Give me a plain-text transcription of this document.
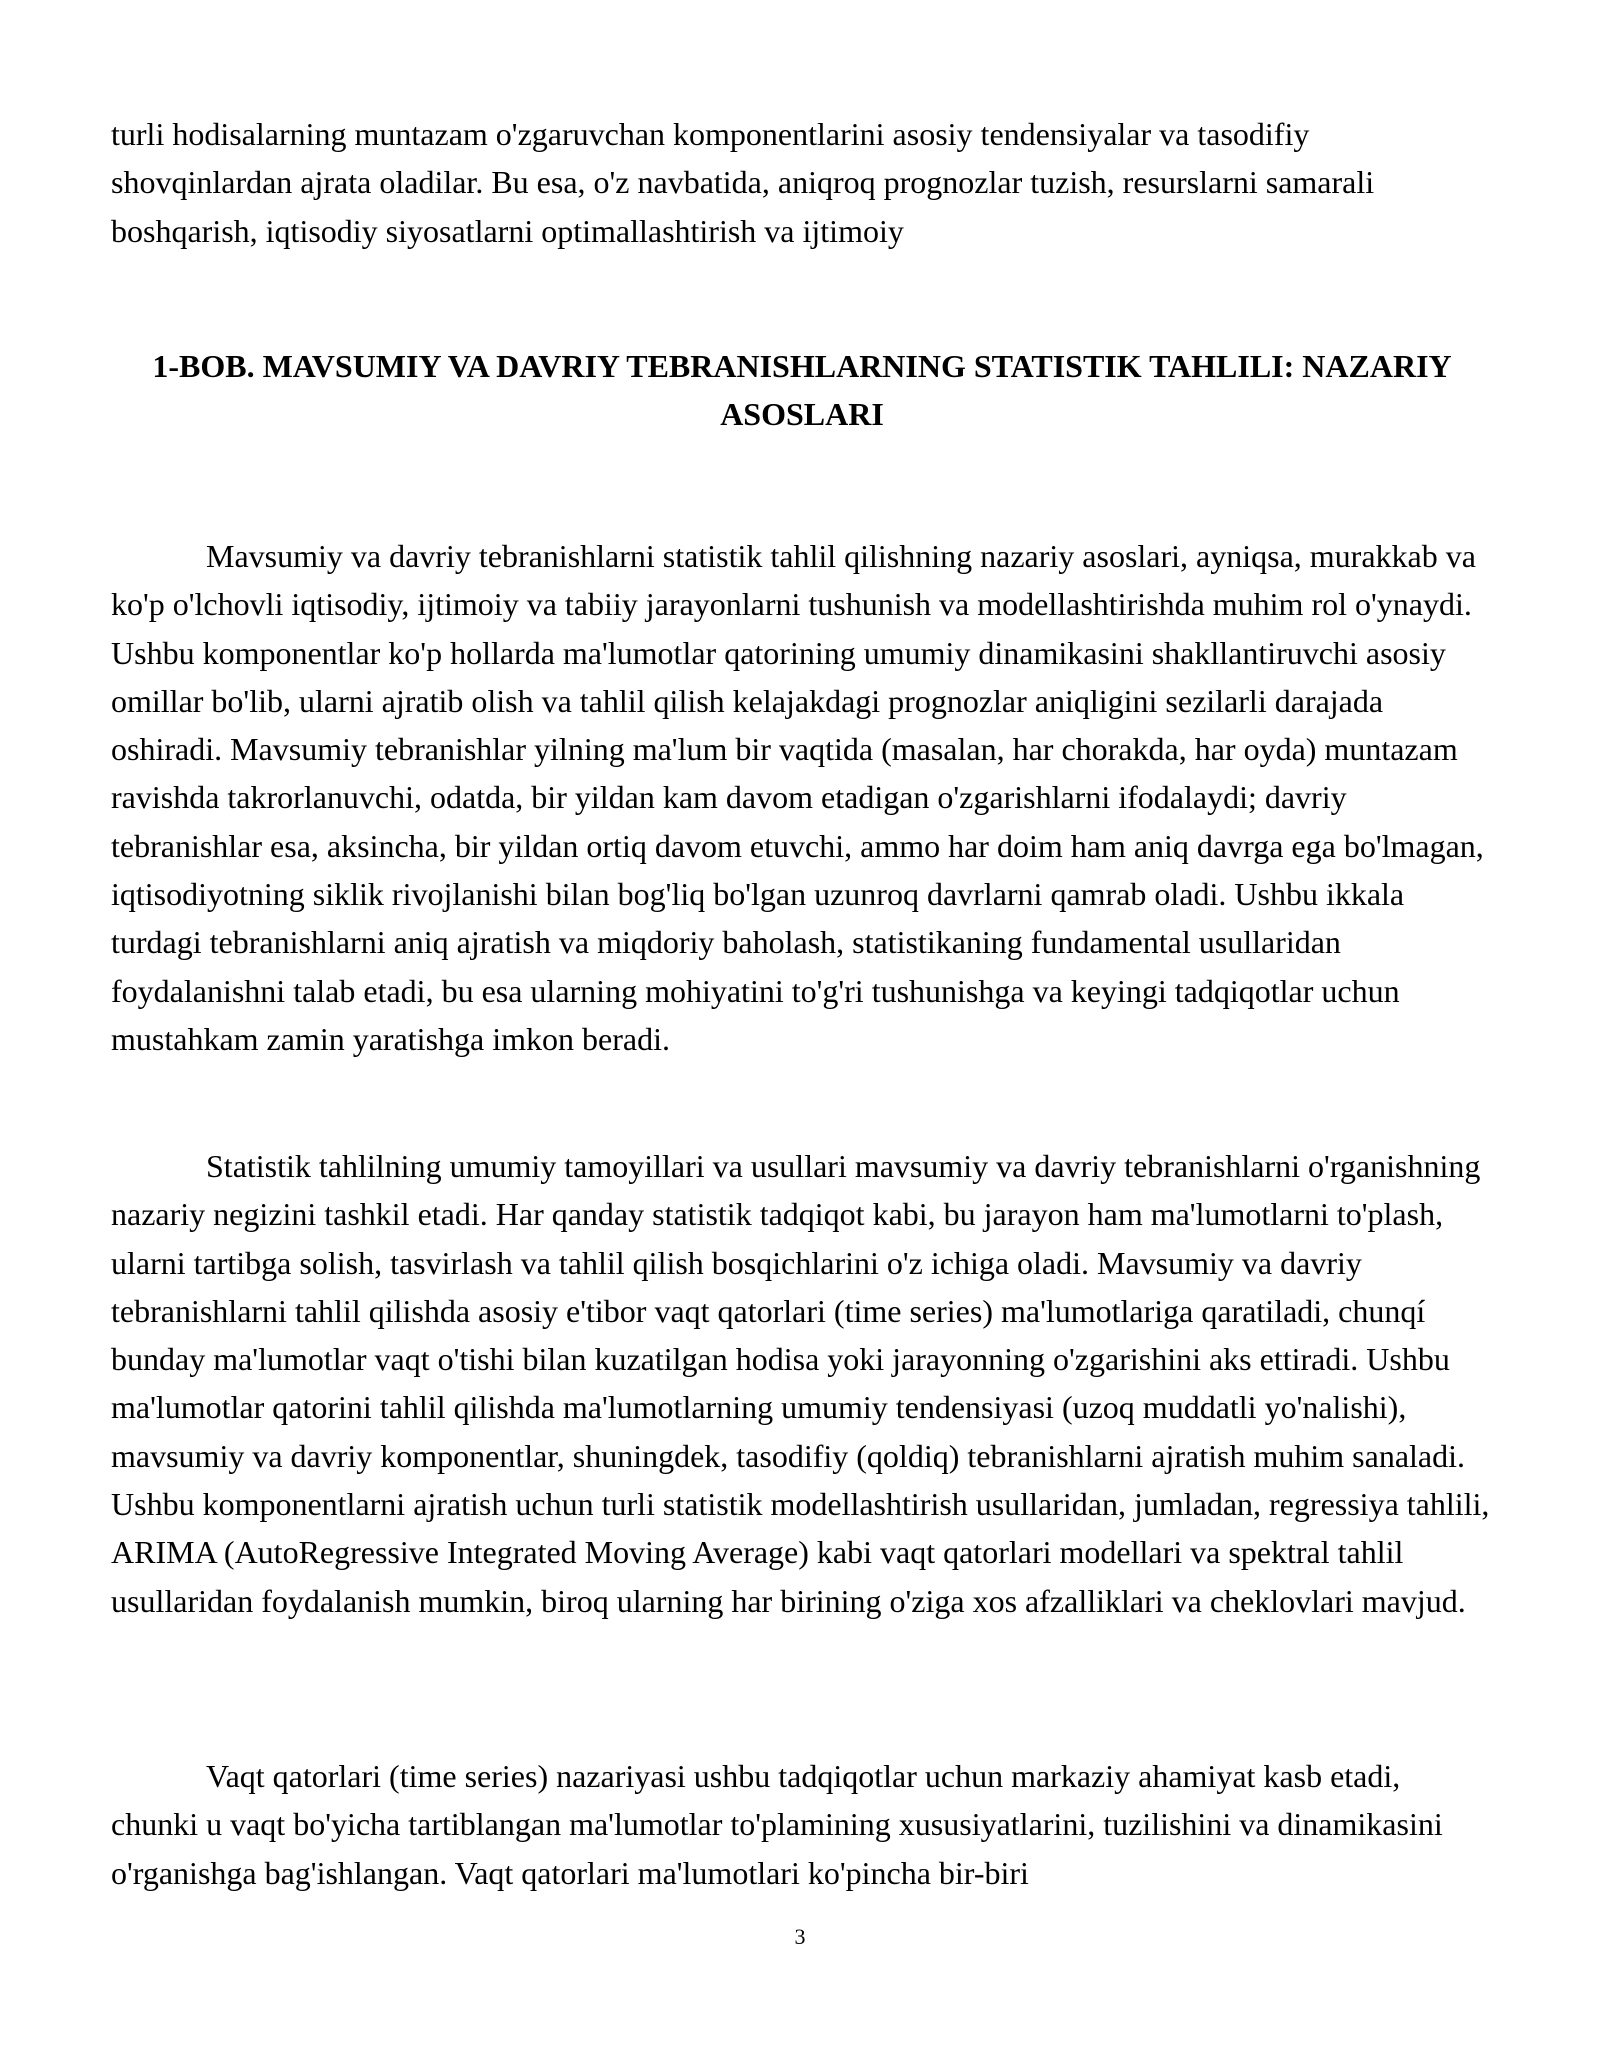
turli hodisalarning muntazam o'zgaruvchan komponentlarini asosiy tendensiyalar va tasodifiy shovqinlardan ajrata oladilar. Bu esa, o'z navbatida, aniqroq prognozlar tuzish, resurslarni samarali boshqarish, iqtisodiy siyosatlarni optimallashtirish va ijtimoiy

1-BOB. MAVSUMIY VA DAVRIY TEBRANISHLARNING STATISTIK TAHLILI: NAZARIY ASOSLARI

Mavsumiy va davriy tebranishlarni statistik tahlil qilishning nazariy asoslari, ayniqsa, murakkab va ko'p o'lchovli iqtisodiy, ijtimoiy va tabiiy jarayonlarni tushunish va modellashtirishda muhim rol o'ynaydi. Ushbu komponentlar ko'p hollarda ma'lumotlar qatorining umumiy dinamikasini shakllantiruvchi asosiy omillar bo'lib, ularni ajratib olish va tahlil qilish kelajakdagi prognozlar aniqligini sezilarli darajada oshiradi. Mavsumiy tebranishlar yilning ma'lum bir vaqtida (masalan, har chorakda, har oyda) muntazam ravishda takrorlanuvchi, odatda, bir yildan kam davom etadigan o'zgarishlarni ifodalaydi; davriy tebranishlar esa, aksincha, bir yildan ortiq davom etuvchi, ammo har doim ham aniq davrga ega bo'lmagan, iqtisodiyotning siklik rivojlanishi bilan bog'liq bo'lgan uzunroq davrlarni qamrab oladi. Ushbu ikkala turdagi tebranishlarni aniq ajratish va miqdoriy baholash, statistikaning fundamental usullaridan foydalanishni talab etadi, bu esa ularning mohiyatini to'g'ri tushunishga va keyingi tadqiqotlar uchun mustahkam zamin yaratishga imkon beradi.

Statistik tahlilning umumiy tamoyillari va usullari mavsumiy va davriy tebranishlarni o'rganishning nazariy negizini tashkil etadi. Har qanday statistik tadqiqot kabi, bu jarayon ham ma'lumotlarni to'plash, ularni tartibga solish, tasvirlash va tahlil qilish bosqichlarini o'z ichiga oladi. Mavsumiy va davriy tebranishlarni tahlil qilishda asosiy e'tibor vaqt qatorlari (time series) ma'lumotlariga qaratiladi, chunqí bunday ma'lumotlar vaqt o'tishi bilan kuzatilgan hodisa yoki jarayonning o'zgarishini aks ettiradi. Ushbu ma'lumotlar qatorini tahlil qilishda ma'lumotlarning umumiy tendensiyasi (uzoq muddatli yo'nalishi), mavsumiy va davriy komponentlar, shuningdek, tasodifiy (qoldiq) tebranishlarni ajratish muhim sanaladi. Ushbu komponentlarni ajratish uchun turli statistik modellashtirish usullaridan, jumladan, regressiya tahlili, ARIMA (AutoRegressive Integrated Moving Average) kabi vaqt qatorlari modellari va spektral tahlil usullaridan foydalanish mumkin, biroq ularning har birining o'ziga xos afzalliklari va cheklovlari mavjud.

Vaqt qatorlari (time series) nazariyasi ushbu tadqiqotlar uchun markaziy ahamiyat kasb etadi, chunki u vaqt bo'yicha tartiblangan ma'lumotlar to'plamining xususiyatlarini, tuzilishini va dinamikasini o'rganishga bag'ishlangan. Vaqt qatorlari ma'lumotlari ko'pincha bir-biri

3
